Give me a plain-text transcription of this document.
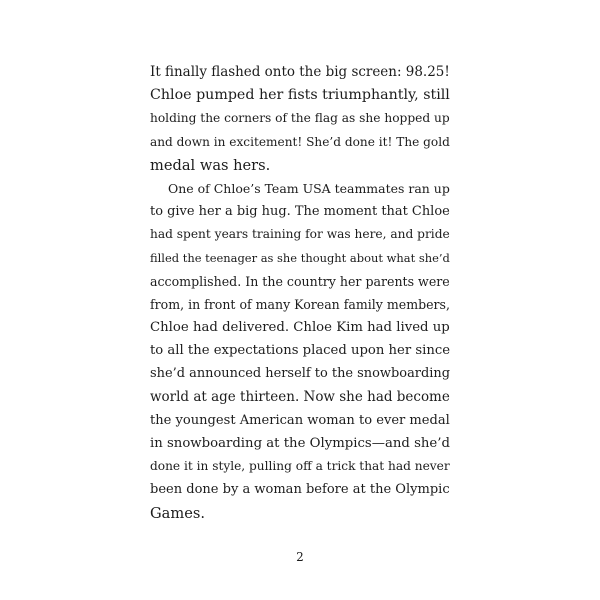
It finally flashed onto the big screen: 98.25!
Chloe pumped her fists triumphantly, still
holding the corners of the flag as she hopped up
and down in excitement! She’d done it! The gold
medal was hers.
One of Chloe’s Team USA teammates ran up
to give her a big hug. The moment that Chloe
had spent years training for was here, and pride
filled the teenager as she thought about what she’d
accomplished. In the country her parents were
from, in front of many Korean family members,
Chloe had delivered. Chloe Kim had lived up
to all the expectations placed upon her since
she’d announced herself to the snowboarding
world at age thirteen. Now she had become
the youngest American woman to ever medal
in snowboarding at the Olympics—and she’d
done it in style, pulling off a trick that had never
been done by a woman before at the Olympic
Games.
2
